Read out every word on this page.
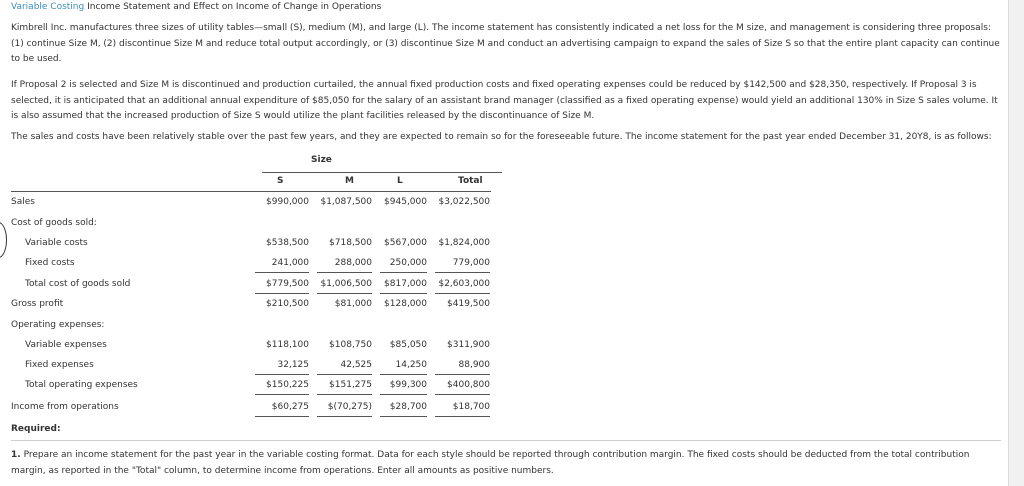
Variable Costing Income Statement and Effect on Income of Change in Operations
Kimbrell Inc. manufactures three sizes of utility tables—small (S), medium (M), and large (L). The income statement has consistently indicated a net loss for the M size, and management is considering three proposals: (1) continue Size M, (2) discontinue Size M and reduce total output accordingly, or (3) discontinue Size M and conduct an advertising campaign to expand the sales of Size S so that the entire plant capacity can continue to be used.
If Proposal 2 is selected and Size M is discontinued and production curtailed, the annual fixed production costs and fixed operating expenses could be reduced by $142,500 and $28,350, respectively. If Proposal 3 is selected, it is anticipated that an additional annual expenditure of $85,050 for the salary of an assistant brand manager (classified as a fixed operating expense) would yield an additional 130% in Size S sales volume. It is also assumed that the increased production of Size S would utilize the plant facilities released by the discontinuance of Size M.
The sales and costs have been relatively stable over the past few years, and they are expected to remain so for the foreseeable future. The income statement for the past year ended December 31, 20Y8, is as follows:
Size
S	M	L	Total
Sales	$990,000	$1,087,500	$945,000	$3,022,500
Cost of goods sold:
Variable costs	$538,500	$718,500	$567,000	$1,824,000
Fixed costs	241,000	288,000	250,000	779,000
Total cost of goods sold	$779,500	$1,006,500	$817,000	$2,603,000
Gross profit	$210,500	$81,000	$128,000	$419,500
Operating expenses:
Variable expenses	$118,100	$108,750	$85,050	$311,900
Fixed expenses	32,125	42,525	14,250	88,900
Total operating expenses	$150,225	$151,275	$99,300	$400,800
Income from operations	$60,275	$(70,275)	$28,700	$18,700
Required:
1. Prepare an income statement for the past year in the variable costing format. Data for each style should be reported through contribution margin. The fixed costs should be deducted from the total contribution margin, as reported in the "Total" column, to determine income from operations. Enter all amounts as positive numbers.
